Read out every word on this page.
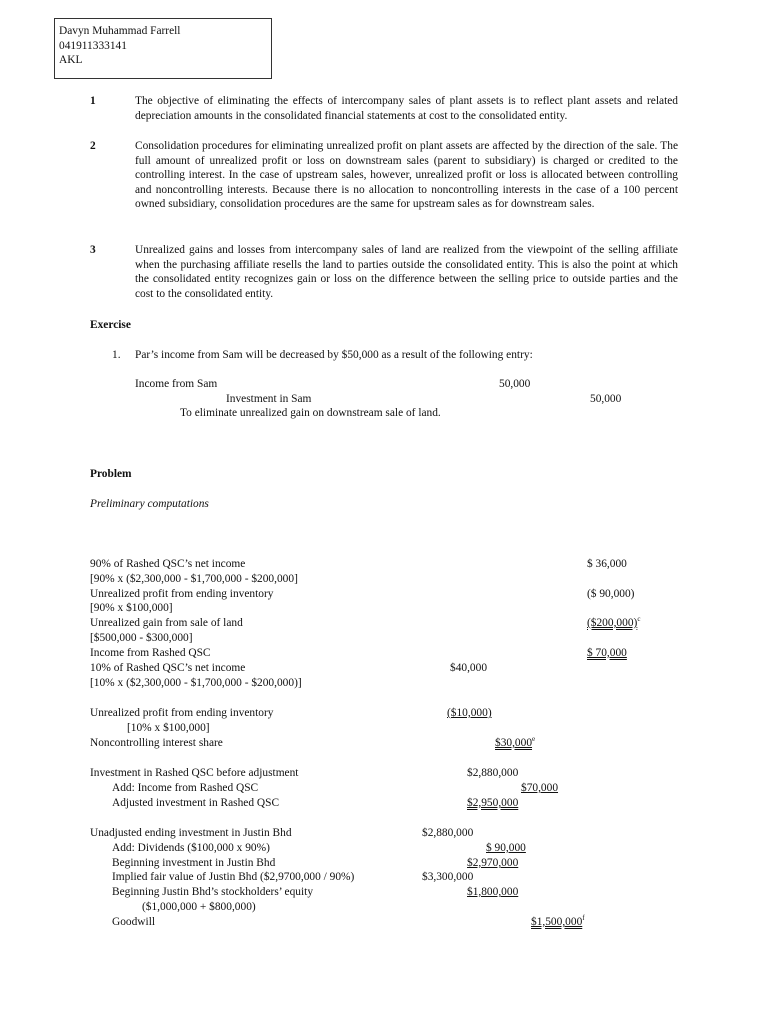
Davyn Muhammad Farrell
041911333141
AKL
1	The objective of eliminating the effects of intercompany sales of plant assets is to reflect plant assets and related depreciation amounts in the consolidated financial statements at cost to the consolidated entity.
2	Consolidation procedures for eliminating unrealized profit on plant assets are affected by the direction of the sale. The full amount of unrealized profit or loss on downstream sales (parent to subsidiary) is charged or credited to the controlling interest. In the case of upstream sales, however, unrealized profit or loss is allocated between controlling and noncontrolling interests. Because there is no allocation to noncontrolling interests in the case of a 100 percent owned subsidiary, consolidation procedures are the same for upstream sales as for downstream sales.
3	Unrealized gains and losses from intercompany sales of land are realized from the viewpoint of the selling affiliate when the purchasing affiliate resells the land to parties outside the consolidated entity. This is also the point at which the consolidated entity recognizes gain or loss on the difference between the selling price to outside parties and the cost to the consolidated entity.
Exercise
1. Par’s income from Sam will be decreased by $50,000 as a result of the following entry:
Income from Sam	50,000
Investment in Sam	50,000
To eliminate unrealized gain on downstream sale of land.
Problem
Preliminary computations
90% of Rashed QSC’s net income	$ 36,000
[90% x ($2,300,000 - $1,700,000 - $200,000]
Unrealized profit from ending inventory	($ 90,000)
[90% x $100,000]
Unrealized gain from sale of land	($200,000)$^c$
[$500,000 - $300,000]
Income from Rashed QSC	$ 70,000
10% of Rashed QSC’s net income	$40,000
[10% x ($2,300,000 - $1,700,000 - $200,000)]
Unrealized profit from ending inventory	($10,000)
[10% x $100,000]
Noncontrolling interest share	$30,000e
Investment in Rashed QSC before adjustment	$2,880,000
Add: Income from Rashed QSC	$70,000
Adjusted investment in Rashed QSC	$2,950,000
Unadjusted ending investment in Justin Bhd	$2,880,000
Add: Dividends ($100,000 x 90%)	$ 90,000
Beginning investment in Justin Bhd	$2,970,000
Implied fair value of Justin Bhd ($2,9700,000 / 90%)	$3,300,000
Beginning Justin Bhd’s stockholders’ equity	$1,800,000
($1,000,000 + $800,000)
Goodwill	$1,500,000$^f$
